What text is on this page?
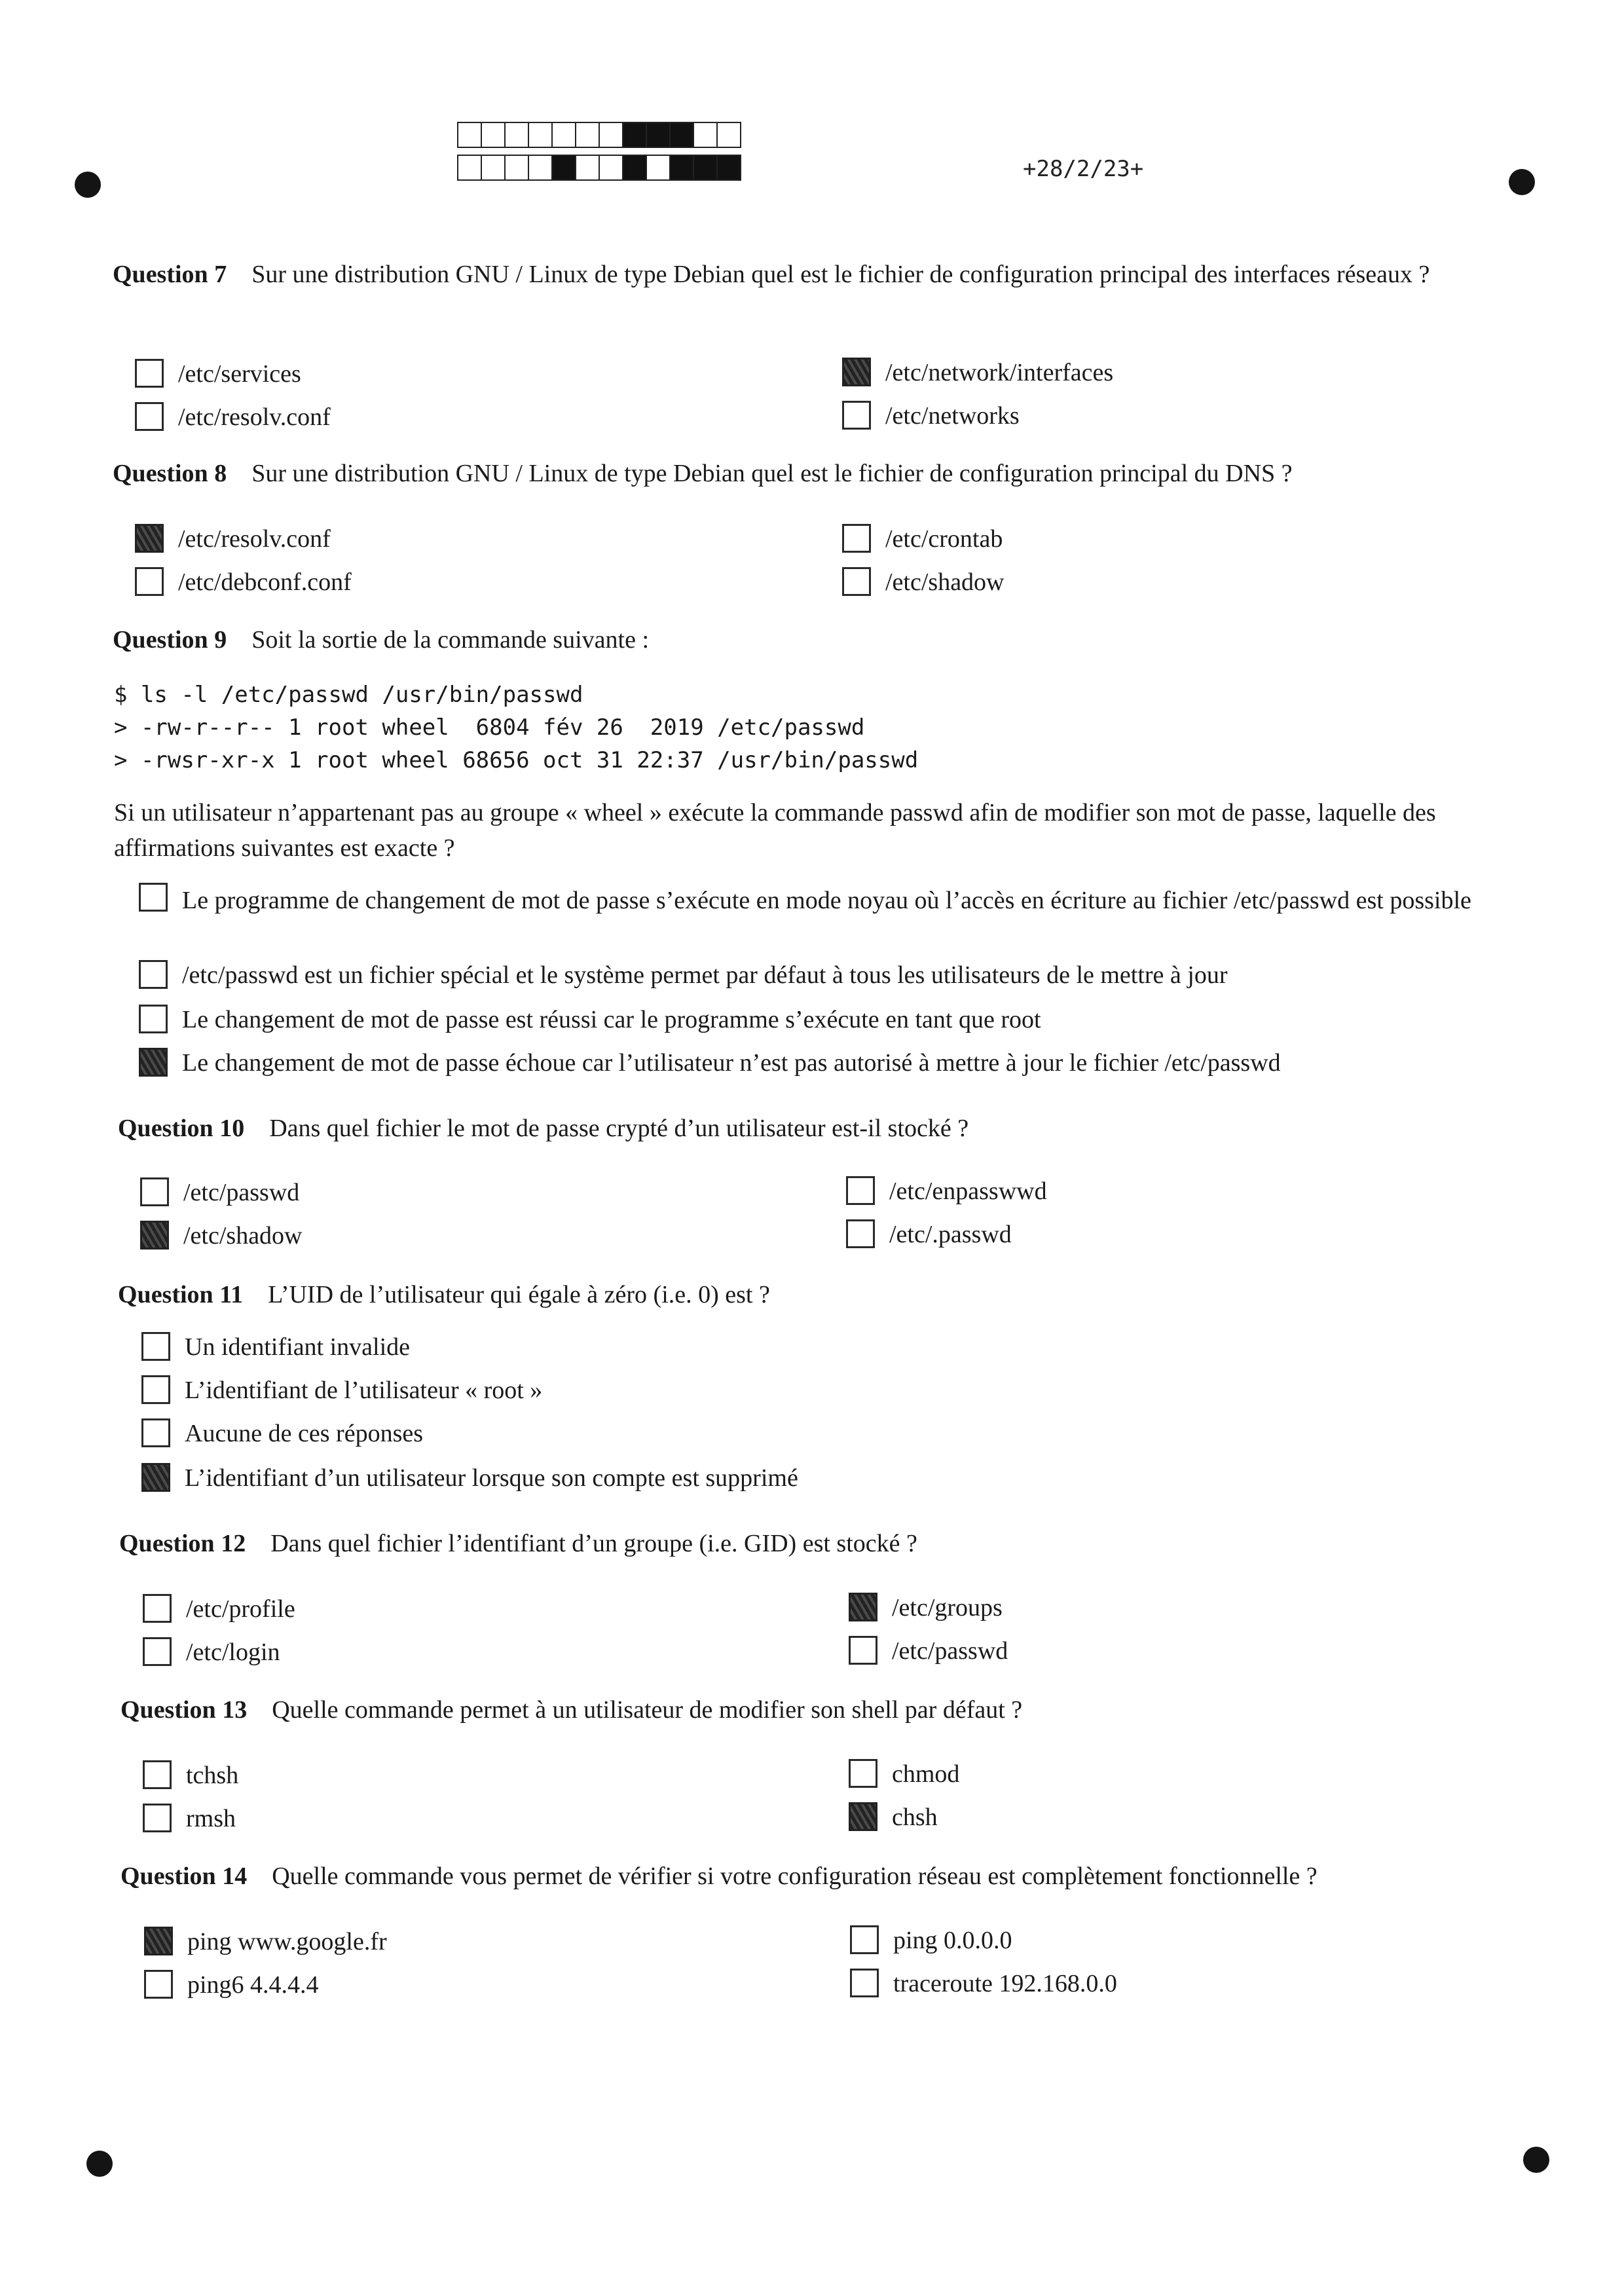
+28/2/23+
Question 7 Sur une distribution GNU / Linux de type Debian quel est le fichier de configuration principal des interfaces réseaux ?
/etc/services	/etc/network/interfaces
/etc/resolv.conf	/etc/networks
Question 8 Sur une distribution GNU / Linux de type Debian quel est le fichier de configuration principal du DNS ?
/etc/resolv.conf	/etc/crontab
/etc/debconf.conf	/etc/shadow
Question 9 Soit la sortie de la commande suivante :
$ ls -l /etc/passwd /usr/bin/passwd
> -rw-r--r-- 1 root wheel  6804 fév 26  2019 /etc/passwd
> -rwsr-xr-x 1 root wheel 68656 oct 31 22:37 /usr/bin/passwd
Si un utilisateur n’appartenant pas au groupe « wheel » exécute la commande passwd afin de modifier son mot de passe, laquelle des affirmations suivantes est exacte ?
Le programme de changement de mot de passe s’exécute en mode noyau où l’accès en écriture au fichier /etc/passwd est possible
/etc/passwd est un fichier spécial et le système permet par défaut à tous les utilisateurs de le mettre à jour
Le changement de mot de passe est réussi car le programme s’exécute en tant que root
Le changement de mot de passe échoue car l’utilisateur n’est pas autorisé à mettre à jour le fichier /etc/passwd
Question 10 Dans quel fichier le mot de passe crypté d’un utilisateur est-il stocké ?
/etc/passwd	/etc/enpasswwd
/etc/shadow	/etc/.passwd
Question 11 L’UID de l’utilisateur qui égale à zéro (i.e. 0) est ?
Un identifiant invalide
L’identifiant de l’utilisateur « root »
Aucune de ces réponses
L’identifiant d’un utilisateur lorsque son compte est supprimé
Question 12 Dans quel fichier l’identifiant d’un groupe (i.e. GID) est stocké ?
/etc/profile	/etc/groups
/etc/login	/etc/passwd
Question 13 Quelle commande permet à un utilisateur de modifier son shell par défaut ?
tchsh	chmod
rmsh	chsh
Question 14 Quelle commande vous permet de vérifier si votre configuration réseau est complètement fonctionnelle ?
ping www.google.fr	ping 0.0.0.0
ping6 4.4.4.4	traceroute 192.168.0.0
